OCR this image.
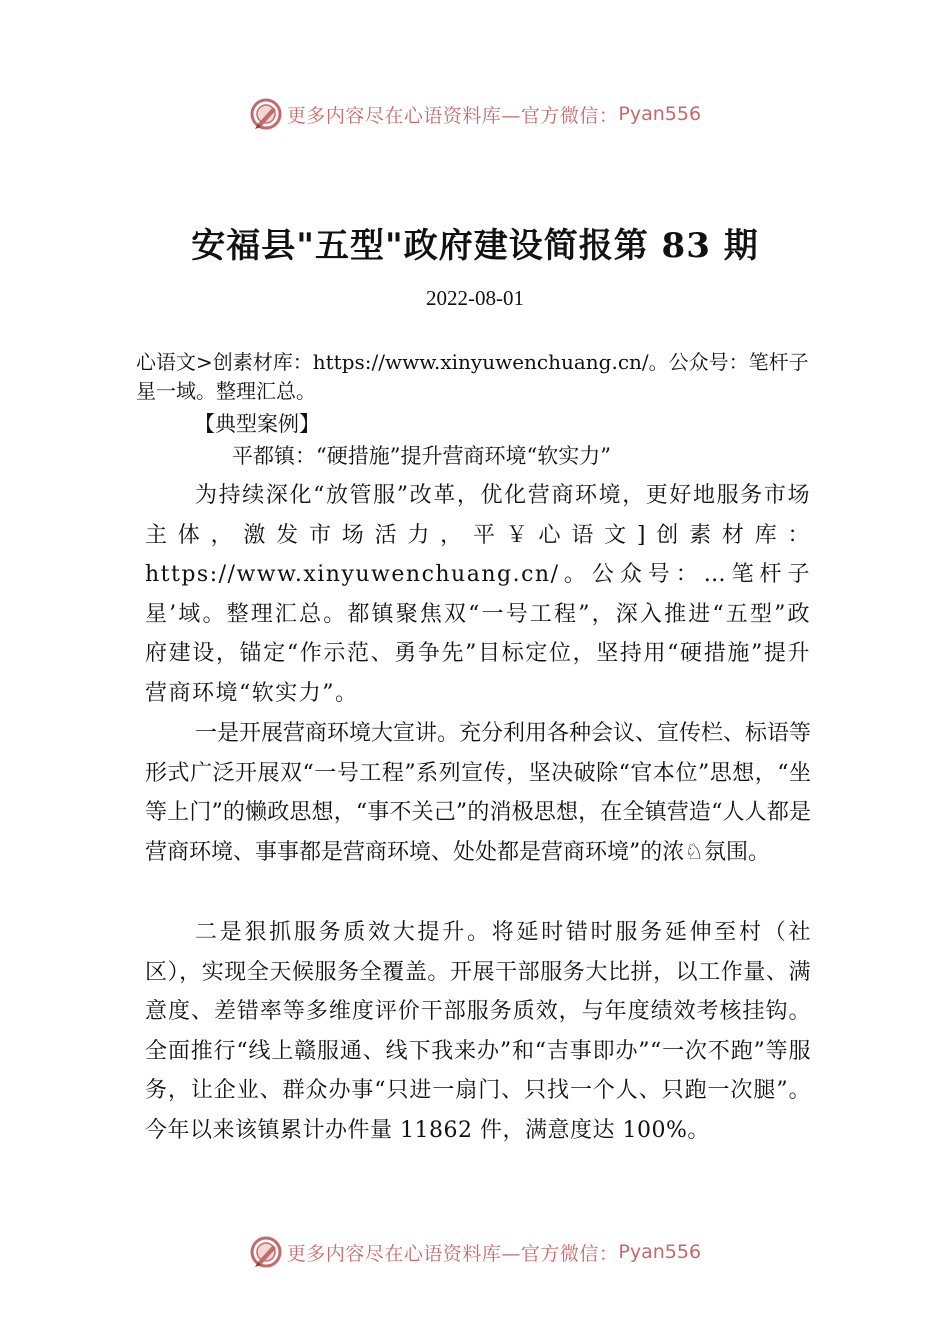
更多内容尽在心语资料库—官方微信： Pyan556
安福县"五型"政府建设简报第 83 期
2022-08-01
心语文>创素材库：https://www.xinyuwenchuang.cn/。公众号：笔杆子星一域。整理汇总。
【典型案例】
平都镇：“硬措施”提升营商环境“软实力”
为持续深化“放管服”改革，优化营商环境，更好地服务市场主体，激发市场活力，平￥心语文]创素材库：https://www.xinyuwenchuang.cn/。公众号：…笔杆子星’域。整理汇总。都镇聚焦双“一号工程”，深入推进“五型”政府建设，锚定“作示范、勇争先”目标定位，坚持用“硬措施”提升营商环境“软实力”。
一是开展营商环境大宣讲。充分利用各种会议、宣传栏、标语等形式广泛开展双“一号工程”系列宣传，坚决破除“官本位”思想，“坐等上门”的懒政思想，“事不关己”的消极思想，在全镇营造“人人都是营商环境、事事都是营商环境、处处都是营商环境”的浓♘氛围。
二是狠抓服务质效大提升。将延时错时服务延伸至村（社区），实现全天候服务全覆盖。开展干部服务大比拼，以工作量、满意度、差错率等多维度评价干部服务质效，与年度绩效考核挂钩。全面推行“线上赣服通、线下我来办”和“吉事即办”“一次不跑”等服务，让企业、群众办事“只进一扇门、只找一个人、只跑一次腿”。今年以来该镇累计办件量 11862 件，满意度达 100%。
更多内容尽在心语资料库—官方微信： Pyan556
